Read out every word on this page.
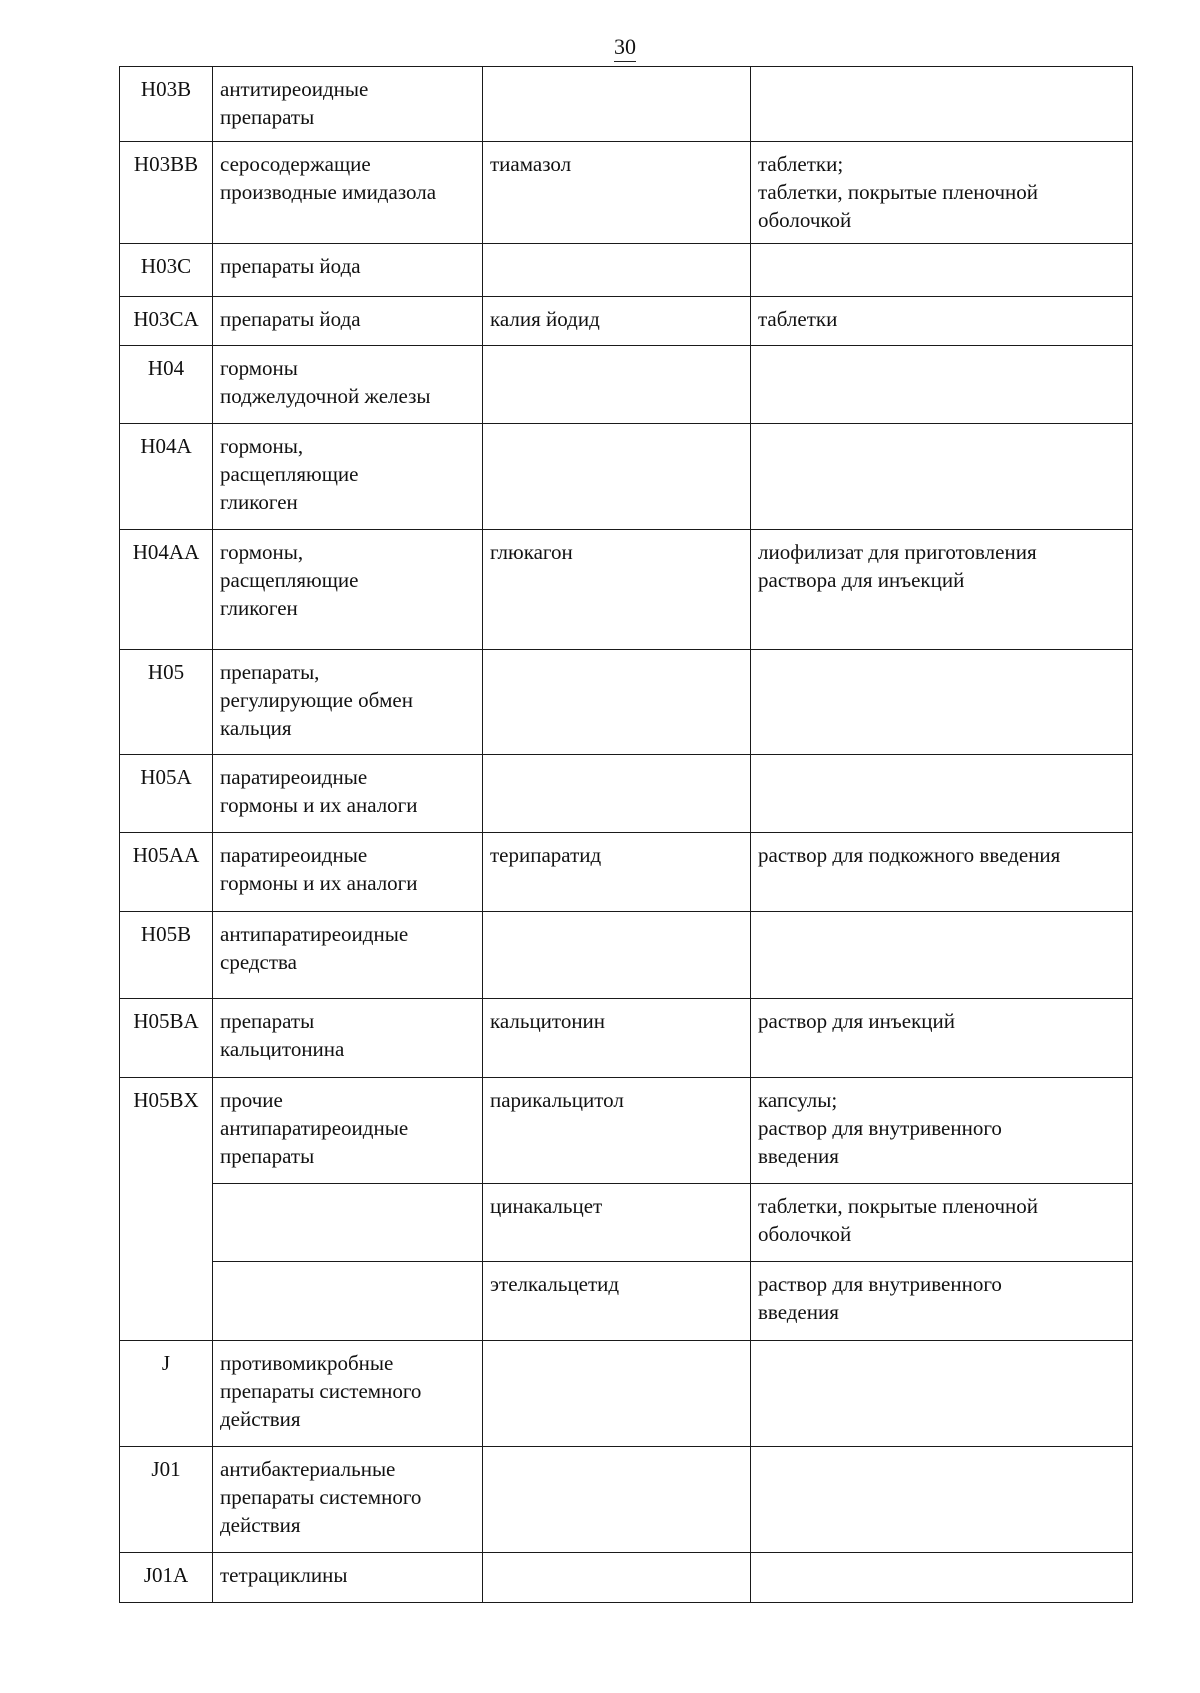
30
H03B	антитиреоидные
препараты		
H03BB	серосодержащие
производные имидазола	тиамазол	таблетки;
таблетки, покрытые пленочной
оболочкой
H03C	препараты йода		
H03CA	препараты йода	калия йодид	таблетки
H04	гормоны
поджелудочной железы		
H04A	гормоны,
расщепляющие
гликоген		
H04AA	гормоны,
расщепляющие
гликоген	глюкагон	лиофилизат для приготовления
раствора для инъекций
H05	препараты,
регулирующие обмен
кальция		
H05A	паратиреоидные
гормоны и их аналоги		
H05AA	паратиреоидные
гормоны и их аналоги	терипаратид	раствор для подкожного введения
H05B	антипаратиреоидные
средства		
H05BA	препараты
кальцитонина	кальцитонин	раствор для инъекций
H05BX	прочие
антипаратиреоидные
препараты	парикальцитол	капсулы;
раствор для внутривенного
введения
		цинакальцет	таблетки, покрытые пленочной
оболочкой
		этелкальцетид	раствор для внутривенного
введения
J	противомикробные
препараты системного
действия		
J01	антибактериальные
препараты системного
действия		
J01A	тетрациклины		
